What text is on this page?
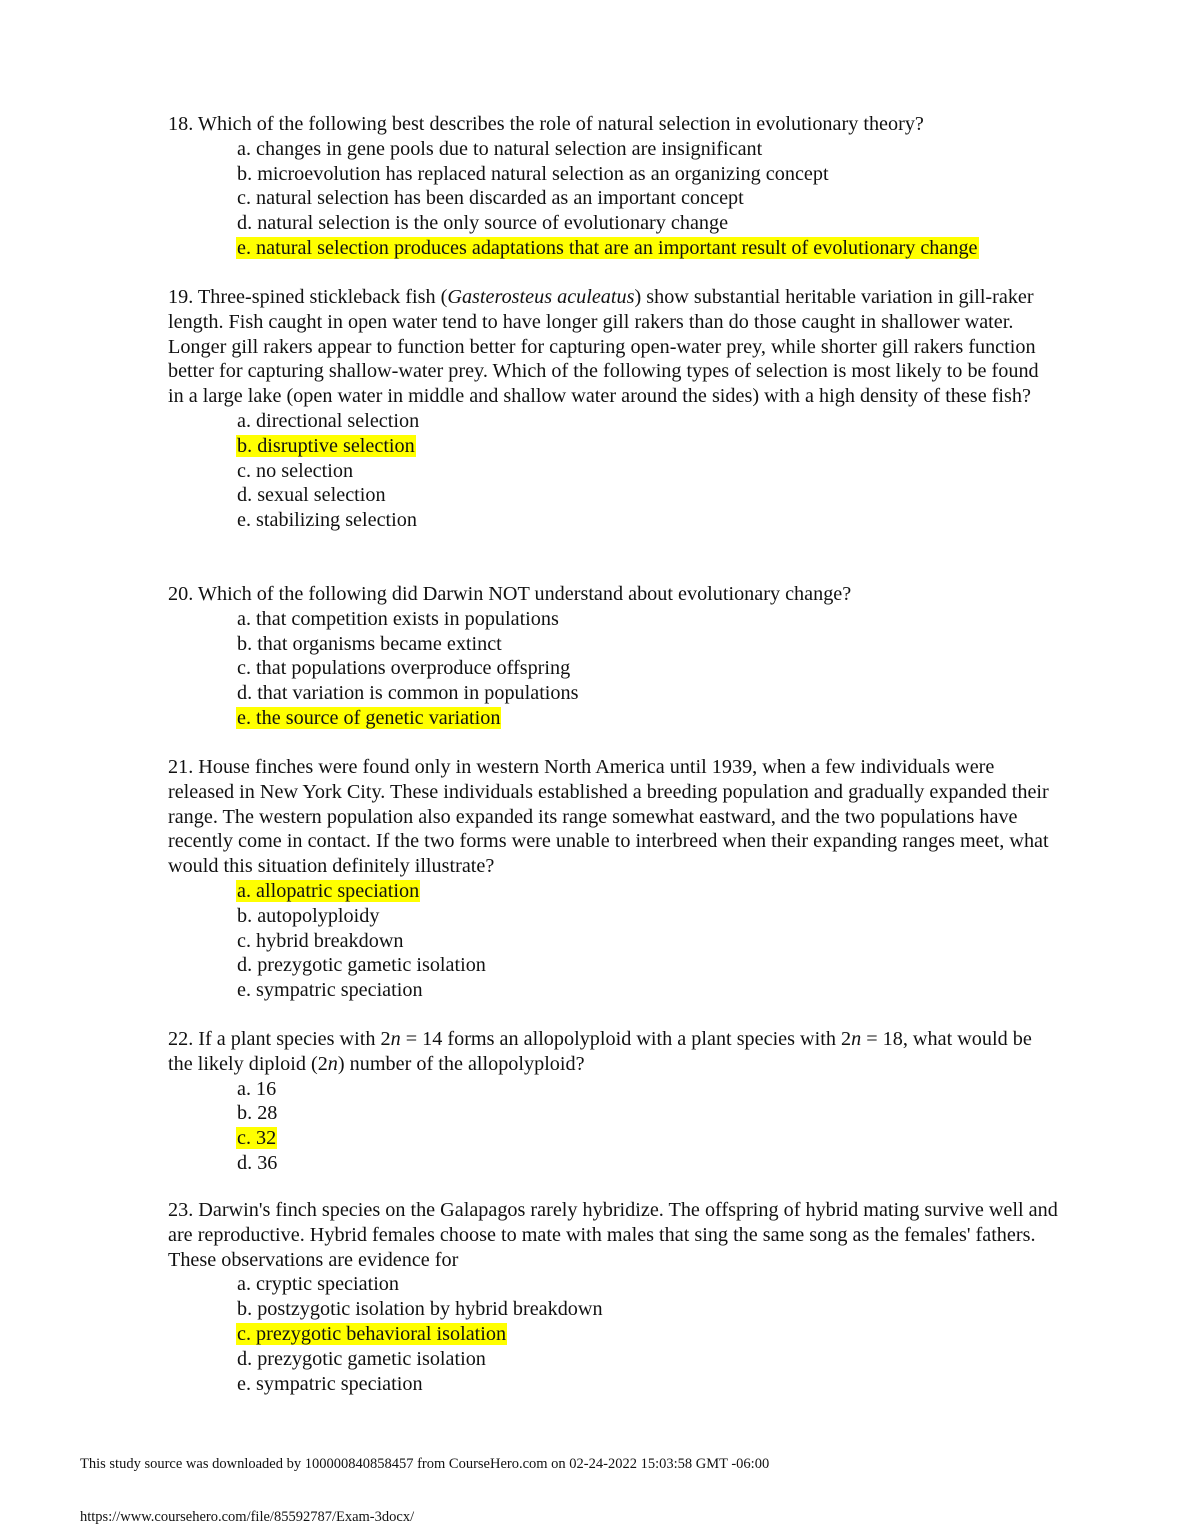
18. Which of the following best describes the role of natural selection in evolutionary theory?

a. changes in gene pools due to natural selection are insignificant

b. microevolution has replaced natural selection as an organizing concept

c. natural selection has been discarded as an important concept

d. natural selection is the only source of evolutionary change

e. natural selection produces adaptations that are an important result of evolutionary change

19. Three-spined stickleback fish (Gasterosteus aculeatus) show substantial heritable variation in gill-raker length. Fish caught in open water tend to have longer gill rakers than do those caught in shallower water. Longer gill rakers appear to function better for capturing open-water prey, while shorter gill rakers function better for capturing shallow-water prey. Which of the following types of selection is most likely to be found in a large lake (open water in middle and shallow water around the sides) with a high density of these fish?

a. directional selection

b. disruptive selection

c. no selection

d. sexual selection

e. stabilizing selection

20. Which of the following did Darwin NOT understand about evolutionary change?

a. that competition exists in populations

b. that organisms became extinct

c. that populations overproduce offspring

d. that variation is common in populations

e. the source of genetic variation

21. House finches were found only in western North America until 1939, when a few individuals were released in New York City. These individuals established a breeding population and gradually expanded their range. The western population also expanded its range somewhat eastward, and the two populations have recently come in contact. If the two forms were unable to interbreed when their expanding ranges meet, what would this situation definitely illustrate?

a. allopatric speciation

b. autopolyploidy

c. hybrid breakdown

d. prezygotic gametic isolation

e. sympatric speciation

22. If a plant species with 2n = 14 forms an allopolyploid with a plant species with 2n = 18, what would be the likely diploid (2n) number of the allopolyploid?

a. 16

b. 28

c. 32

d. 36

23. Darwin's finch species on the Galapagos rarely hybridize. The offspring of hybrid mating survive well and are reproductive. Hybrid females choose to mate with males that sing the same song as the females' fathers. These observations are evidence for

a. cryptic speciation

b. postzygotic isolation by hybrid breakdown

c. prezygotic behavioral isolation

d. prezygotic gametic isolation

e. sympatric speciation

This study source was downloaded by 100000840858457 from CourseHero.com on 02-24-2022 15:03:58 GMT -06:00
https://www.coursehero.com/file/85592787/Exam-3docx/
